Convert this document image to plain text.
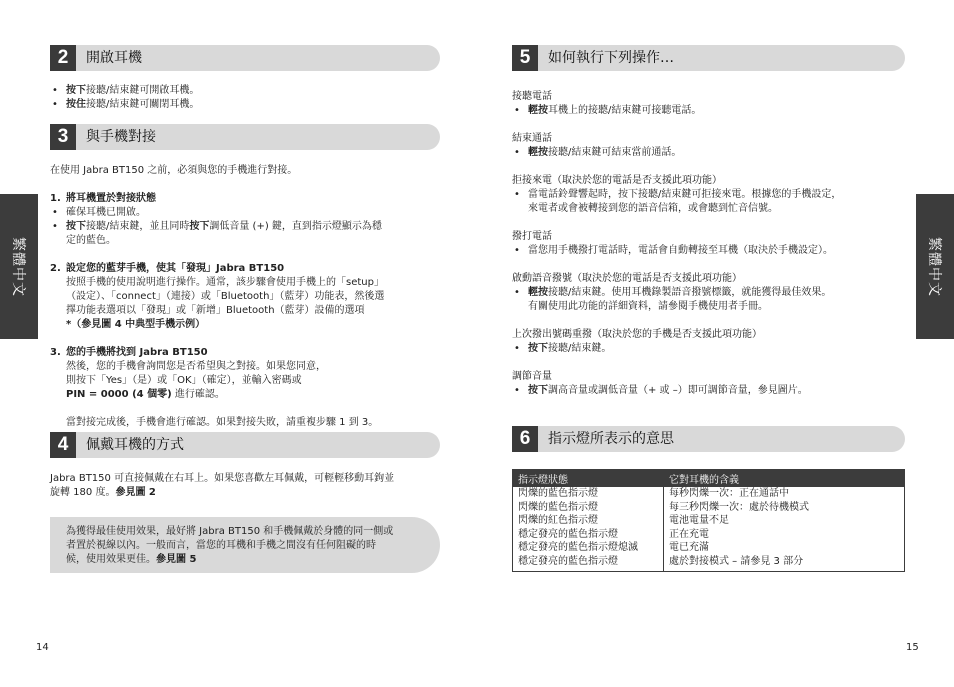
繁體中文	繁體中文
2	開啟耳機

• 按下接聽/結束鍵可開啟耳機。

• 按住接聽/結束鍵可關閉耳機。

3	與手機對接

在使用 Jabra BT150 之前，必須與您的手機進行對接。

1. 將耳機置於對接狀態

• 確保耳機已開啟。

• 按下接聽/結束鍵，並且同時按下調低音量 (+) 鍵，直到指示燈顯示為穩

定的藍色。

2. 設定您的藍芽手機，使其「發現」Jabra BT150

按照手機的使用說明進行操作。通常，該步驟會使用手機上的「setup」

（設定）、「connect」（連接）或「Bluetooth」（藍芽）功能表，然後選

擇功能表選項以「發現」或「新增」Bluetooth（藍芽）設備的選項

*（參見圖 4 中典型手機示例）

3. 您的手機將找到 Jabra BT150

然後，您的手機會詢問您是否希望與之對接。如果您同意，

則按下「Yes」（是）或「OK」（確定），並輸入密碼或

PIN = 0000 (4 個零) 進行確認。

當對接完成後，手機會進行確認。如果對接失敗，請重複步驟 1 到 3。

4	佩戴耳機的方式

Jabra BT150 可直接佩戴在右耳上。如果您喜歡左耳佩戴，可輕輕移動耳鉤並

旋轉 180 度。參見圖 2

為獲得最佳使用效果，最好將 Jabra BT150 和手機佩戴於身體的同一側或
者置於視線以內。一般而言，當您的耳機和手機之間沒有任何阻礙的時
候，使用效果更佳。參見圖 5

5	如何執行下列操作…

接聽電話

• 輕按耳機上的接聽/結束鍵可接聽電話。

結束通話

• 輕按接聽/結束鍵可結束當前通話。

拒接來電（取決於您的電話是否支援此項功能）

• 當電話鈴聲響起時，按下接聽/結束鍵可拒接來電。根據您的手機設定，

來電者或會被轉接到您的語音信箱，或會聽到忙音信號。

撥打電話

• 當您用手機撥打電話時，電話會自動轉接至耳機（取決於手機設定）。

啟動語音撥號（取決於您的電話是否支援此項功能）

• 輕按接聽/結束鍵。使用耳機錄製語音撥號標籤，就能獲得最佳效果。

有關使用此功能的詳細資料，請參閱手機使用者手冊。

上次撥出號碼重撥（取決於您的手機是否支援此項功能）

• 按下接聽/結束鍵。

調節音量

• 按下調高音量或調低音量（+ 或 –）即可調節音量，參見圖片。

6	指示燈所表示的意思
指示燈狀態	它對耳機的含義
閃爍的藍色指示燈	每秒閃爍一次：正在通話中
閃爍的藍色指示燈	每三秒閃爍一次：處於待機模式
閃爍的紅色指示燈	電池電量不足
穩定發亮的藍色指示燈	正在充電
穩定發亮的藍色指示燈熄滅	電已充滿
穩定發亮的藍色指示燈	處於對接模式 – 請參見 3 部分
14	15
